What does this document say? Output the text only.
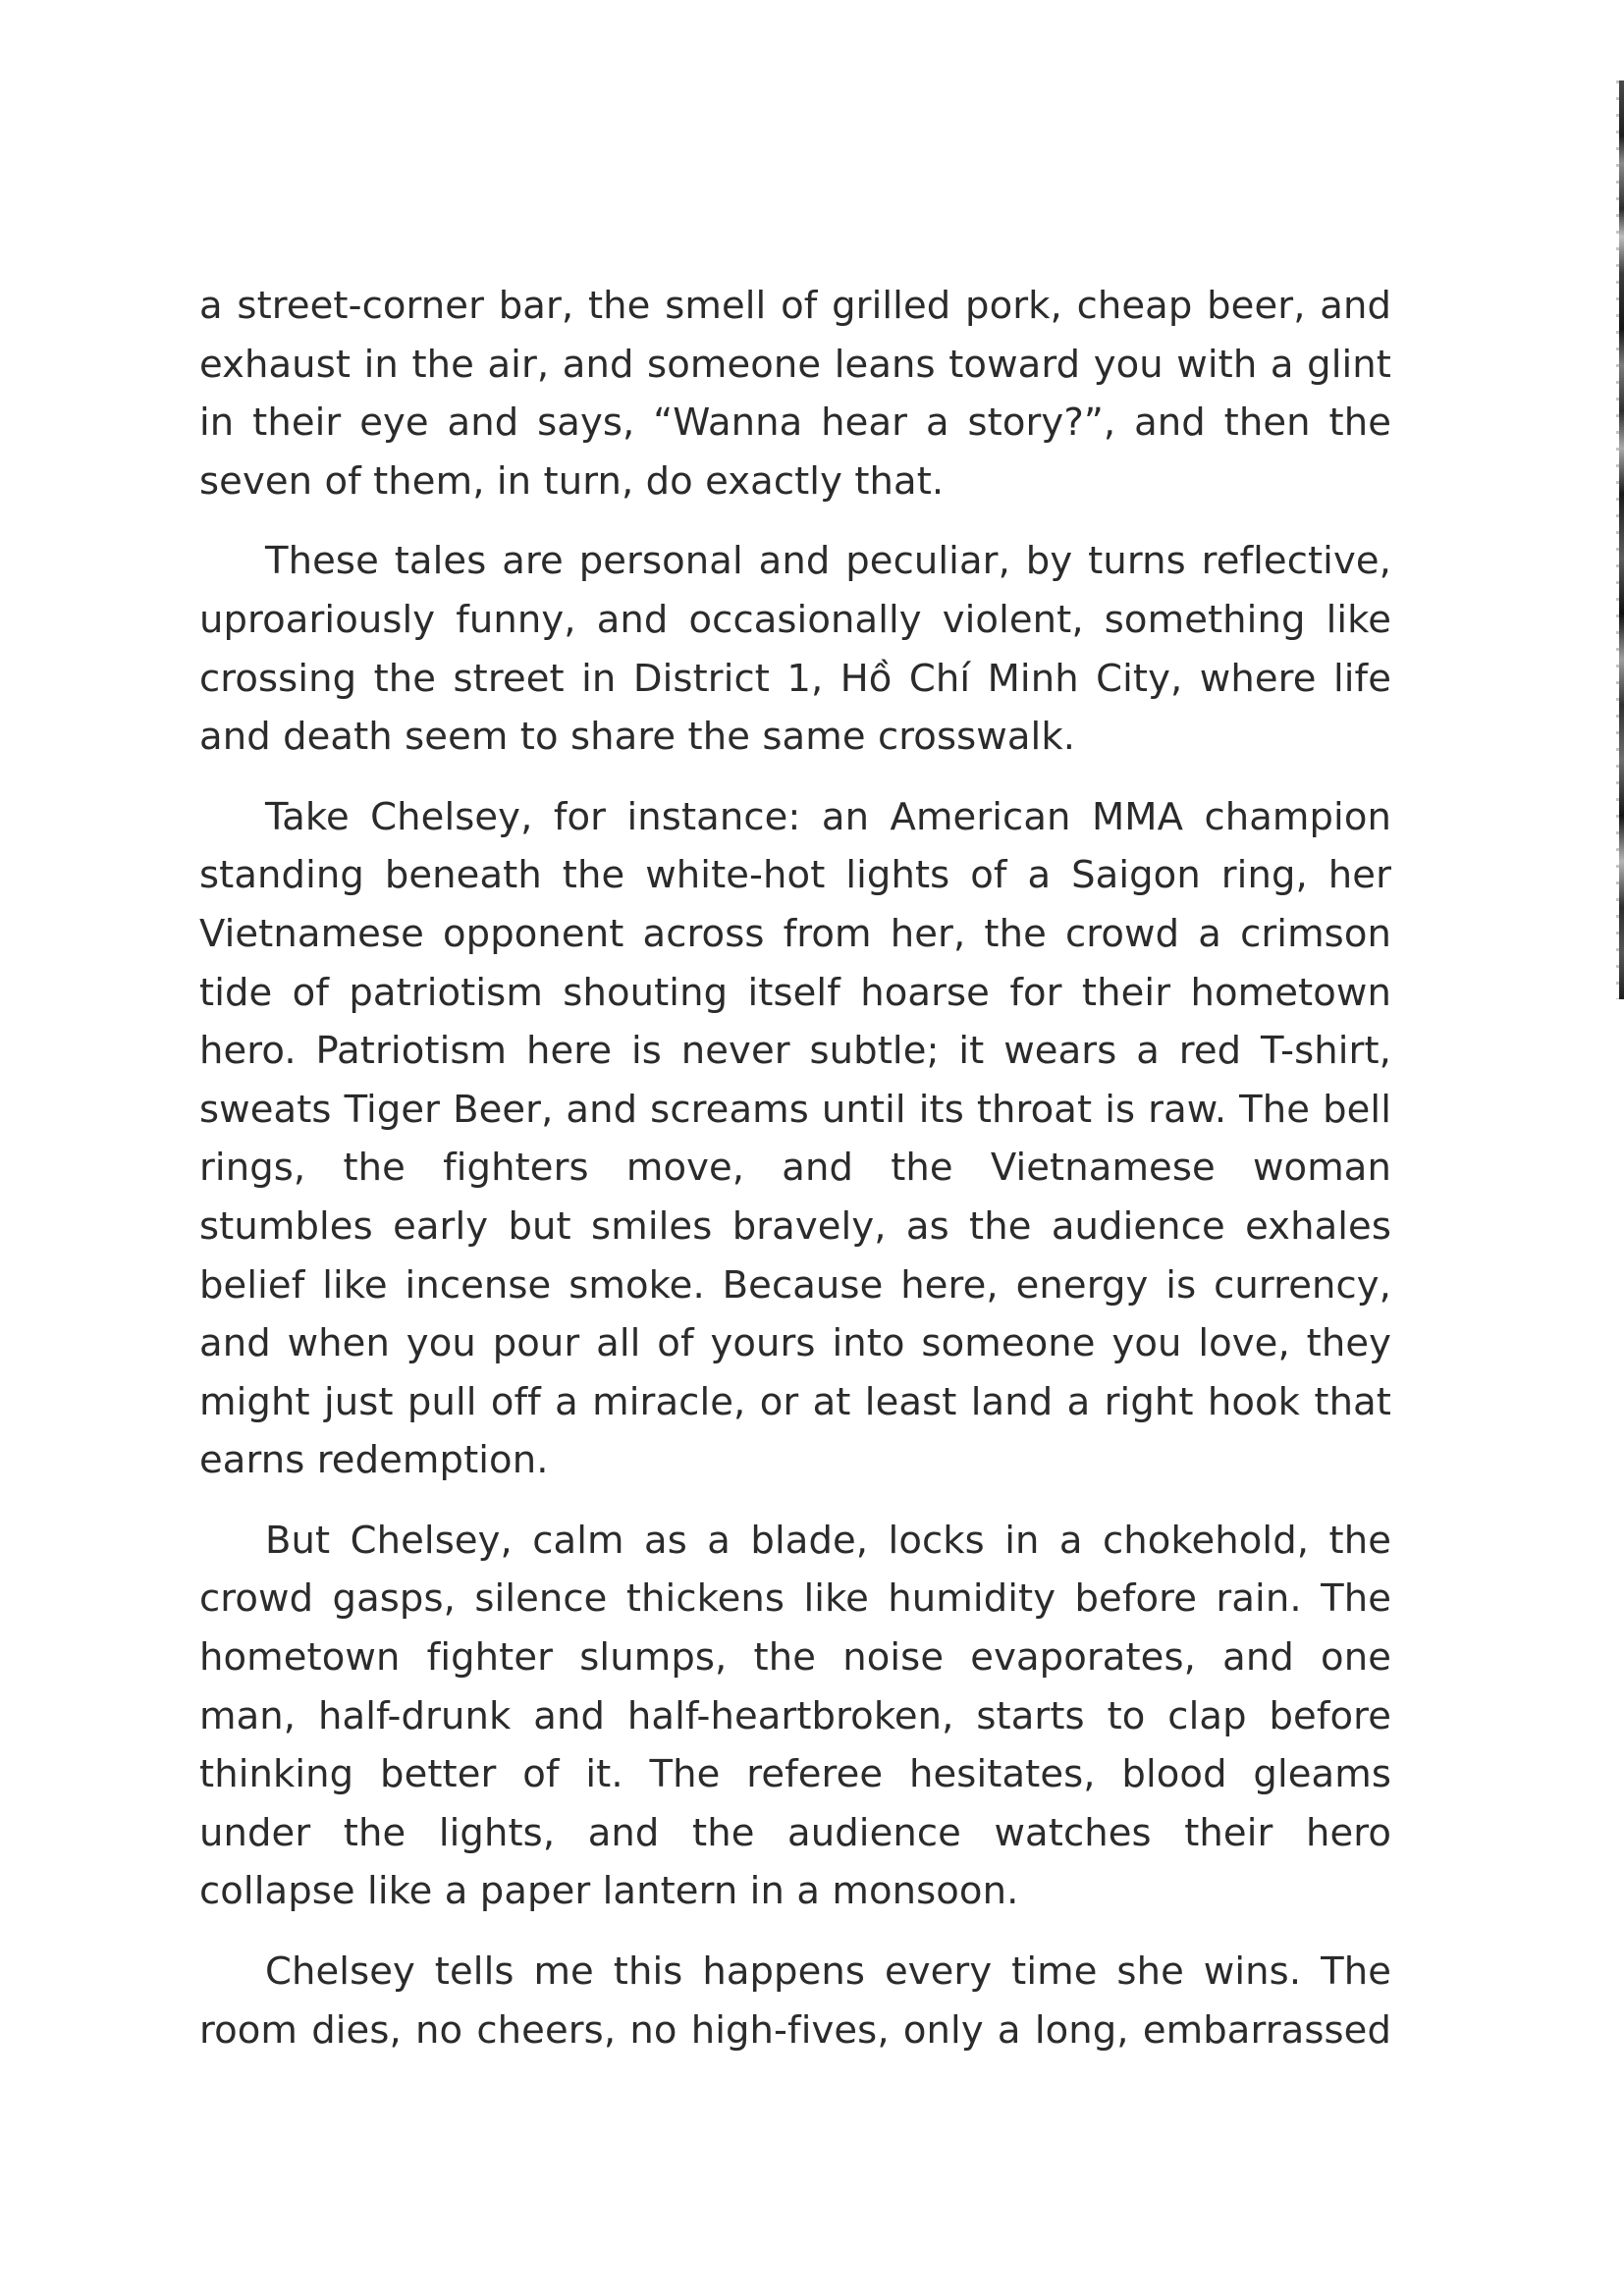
a street-corner bar, the smell of grilled pork, cheap beer, and exhaust in the air, and someone leans toward you with a glint in their eye and says, “Wanna hear a story?”, and then the seven of them, in turn, do exactly that.

These tales are personal and peculiar, by turns reflective, uproariously funny, and occasionally violent, something like crossing the street in District 1, Hồ Chí Minh City, where life and death seem to share the same crosswalk.

Take Chelsey, for instance: an American MMA champion standing beneath the white-hot lights of a Saigon ring, her Vietnamese opponent across from her, the crowd a crimson tide of patriotism shouting itself hoarse for their hometown hero. Patriotism here is never subtle; it wears a red T-shirt, sweats Tiger Beer, and screams until its throat is raw. The bell rings, the fighters move, and the Vietnamese woman stumbles early but smiles bravely, as the audience exhales belief like incense smoke. Because here, energy is currency, and when you pour all of yours into someone you love, they might just pull off a miracle, or at least land a right hook that earns redemption.

But Chelsey, calm as a blade, locks in a chokehold, the crowd gasps, silence thickens like humidity before rain. The hometown fighter slumps, the noise evaporates, and one man, half-drunk and half-heartbroken, starts to clap before thinking better of it. The referee hesitates, blood gleams under the lights, and the audience watches their hero collapse like a paper lantern in a monsoon.

Chelsey tells me this happens every time she wins. The room dies, no cheers, no high-fives, only a long, embarrassed
